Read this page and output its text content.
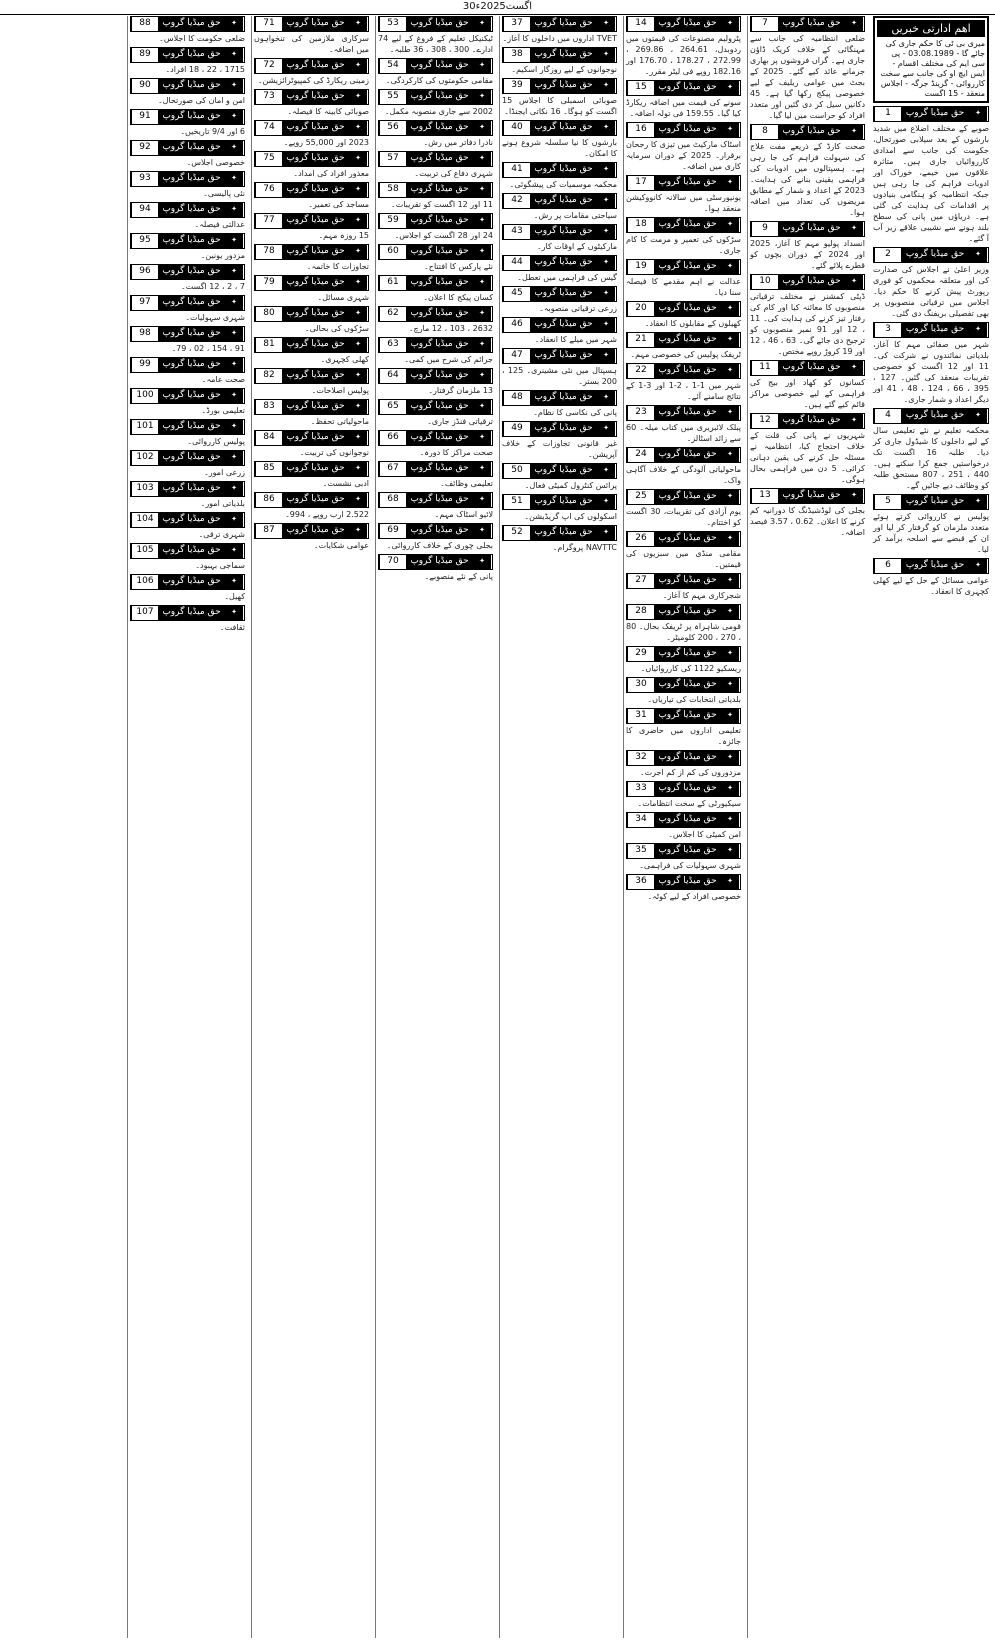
30اگست2025ء
اهم ادارتی خبریں
میری بی ٹی کا حکم جاری کی جائے گا - 03.08.1989 - پی سی ایم کی مختلف اقسام - ایس ایچ او کی جانب سے سخت کارروائی - گرینڈ جرگہ - اجلاس منعقد - 15 اگست
✦
حق میڈیا گروپ
1
صوبے کے مختلف اضلاع میں شدید بارشوں کے بعد سیلابی صورتحال، حکومت کی جانب سے امدادی کارروائیاں جاری ہیں۔ متاثرہ علاقوں میں خیمے، خوراک اور ادویات فراہم کی جا رہی ہیں جبکہ انتظامیہ کو ہنگامی بنیادوں پر اقدامات کی ہدایت کی گئی ہے۔ دریاؤں میں پانی کی سطح بلند ہونے سے نشیبی علاقے زیر آب آ گئے۔
✦
حق میڈیا گروپ
2
وزیر اعلیٰ نے اجلاس کی صدارت کی اور متعلقہ محکموں کو فوری رپورٹ پیش کرنے کا حکم دیا۔ اجلاس میں ترقیاتی منصوبوں پر بھی تفصیلی بریفنگ دی گئی۔
✦
حق میڈیا گروپ
3
شہر میں صفائی مہم کا آغاز، بلدیاتی نمائندوں نے شرکت کی۔ 11 اور 12 اگست کو خصوصی تقریبات منعقد کی گئیں۔ 127 ، 395 ، 66 ، 124 ، 48 ، 41 اور دیگر اعداد و شمار جاری۔
✦
حق میڈیا گروپ
4
محکمہ تعلیم نے نئے تعلیمی سال کے لیے داخلوں کا شیڈول جاری کر دیا۔ طلبہ 16 اگست تک درخواستیں جمع کرا سکتے ہیں۔ 440 ، 251 ، 807 مستحق طلبہ کو وظائف دیے جائیں گے۔
✦
حق میڈیا گروپ
5
پولیس نے کارروائی کرتے ہوئے متعدد ملزمان کو گرفتار کر لیا اور ان کے قبضے سے اسلحہ برآمد کر لیا۔
✦
حق میڈیا گروپ
6
عوامی مسائل کے حل کے لیے کھلی کچہری کا انعقاد۔
✦
حق میڈیا گروپ
7
ضلعی انتظامیہ کی جانب سے مہنگائی کے خلاف کریک ڈاؤن جاری ہے۔ گراں فروشوں پر بھاری جرمانے عائد کیے گئے۔ 2025 کے بجٹ میں عوامی ریلیف کے لیے خصوصی پیکج رکھا گیا ہے۔ 45 دکانیں سیل کر دی گئیں اور متعدد افراد کو حراست میں لیا گیا۔
✦
حق میڈیا گروپ
8
صحت کارڈ کے ذریعے مفت علاج کی سہولت فراہم کی جا رہی ہے۔ ہسپتالوں میں ادویات کی فراہمی یقینی بنانے کی ہدایت۔ 2023 کے اعداد و شمار کے مطابق مریضوں کی تعداد میں اضافہ ہوا۔
✦
حق میڈیا گروپ
9
انسداد پولیو مہم کا آغاز، 2025 اور 2024 کے دوران بچوں کو قطرے پلائے گئے۔
✦
حق میڈیا گروپ
10
ڈپٹی کمشنر نے مختلف ترقیاتی منصوبوں کا معائنہ کیا اور کام کی رفتار تیز کرنے کی ہدایت کی۔ 11 ، 12 اور 91 نمبر منصوبوں کو ترجیح دی جائے گی۔ 63 ، 46 ، 12 اور 19 کروڑ روپے مختص۔
✦
حق میڈیا گروپ
11
کسانوں کو کھاد اور بیج کی فراہمی کے لیے خصوصی مراکز قائم کیے گئے ہیں۔
✦
حق میڈیا گروپ
12
شہریوں نے پانی کی قلت کے خلاف احتجاج کیا، انتظامیہ نے مسئلہ حل کرنے کی یقین دہانی کرائی۔ 5 دن میں فراہمی بحال ہوگی۔
✦
حق میڈیا گروپ
13
بجلی کی لوڈشیڈنگ کا دورانیہ کم کرنے کا اعلان۔ 0.62 ، 3.57 فیصد اضافہ۔
✦
حق میڈیا گروپ
14
پٹرولیم مصنوعات کی قیمتوں میں ردوبدل، 264.61 ، 269.86 ، 272.99 ، 178.27 ، 176.70 اور 182.16 روپے فی لیٹر مقرر۔
✦
حق میڈیا گروپ
15
سونے کی قیمت میں اضافہ ریکارڈ کیا گیا۔ 159.55 فی تولہ اضافہ۔
✦
حق میڈیا گروپ
16
اسٹاک مارکیٹ میں تیزی کا رجحان برقرار۔ 2025 کے دوران سرمایہ کاری میں اضافہ۔
✦
حق میڈیا گروپ
17
یونیورسٹی میں سالانہ کانووکیشن منعقد ہوا۔
✦
حق میڈیا گروپ
18
سڑکوں کی تعمیر و مرمت کا کام جاری۔
✦
حق میڈیا گروپ
19
عدالت نے اہم مقدمے کا فیصلہ سنا دیا۔
✦
حق میڈیا گروپ
20
کھیلوں کے مقابلوں کا انعقاد۔
✦
حق میڈیا گروپ
21
ٹریفک پولیس کی خصوصی مہم۔
✦
حق میڈیا گروپ
22
شہر میں 1-1 ، 2-1 اور 3-1 کے نتائج سامنے آئے۔
✦
حق میڈیا گروپ
23
پبلک لائبریری میں کتاب میلہ۔ 60 سے زائد اسٹالز۔
✦
حق میڈیا گروپ
24
ماحولیاتی آلودگی کے خلاف آگاہی واک۔
✦
حق میڈیا گروپ
25
یوم آزادی کی تقریبات، 30 اگست کو اختتام۔
✦
حق میڈیا گروپ
26
مقامی منڈی میں سبزیوں کی قیمتیں۔
✦
حق میڈیا گروپ
27
شجرکاری مہم کا آغاز۔
✦
حق میڈیا گروپ
28
قومی شاہراہ پر ٹریفک بحال۔ 80 ، 270 ، 200 کلومیٹر۔
✦
حق میڈیا گروپ
29
ریسکیو 1122 کی کارروائیاں۔
✦
حق میڈیا گروپ
30
بلدیاتی انتخابات کی تیاریاں۔
✦
حق میڈیا گروپ
31
تعلیمی اداروں میں حاضری کا جائزہ۔
✦
حق میڈیا گروپ
32
مزدوروں کی کم از کم اجرت۔
✦
حق میڈیا گروپ
33
سیکیورٹی کے سخت انتظامات۔
✦
حق میڈیا گروپ
34
امن کمیٹی کا اجلاس۔
✦
حق میڈیا گروپ
35
شہری سہولیات کی فراہمی۔
✦
حق میڈیا گروپ
36
خصوصی افراد کے لیے کوٹہ۔
✦
حق میڈیا گروپ
37
TVET اداروں میں داخلوں کا آغاز۔
✦
حق میڈیا گروپ
38
نوجوانوں کے لیے روزگار اسکیم۔
✦
حق میڈیا گروپ
39
صوبائی اسمبلی کا اجلاس 15 اگست کو ہوگا۔ 16 نکاتی ایجنڈا۔
✦
حق میڈیا گروپ
40
بارشوں کا نیا سلسلہ شروع ہونے کا امکان۔
✦
حق میڈیا گروپ
41
محکمہ موسمیات کی پیشگوئی۔
✦
حق میڈیا گروپ
42
سیاحتی مقامات پر رش۔
✦
حق میڈیا گروپ
43
مارکیٹوں کے اوقات کار۔
✦
حق میڈیا گروپ
44
گیس کی فراہمی میں تعطل۔
✦
حق میڈیا گروپ
45
زرعی ترقیاتی منصوبہ۔
✦
حق میڈیا گروپ
46
شہر میں میلے کا انعقاد۔
✦
حق میڈیا گروپ
47
ہسپتال میں نئی مشینری۔ 125 ، 200 بستر۔
✦
حق میڈیا گروپ
48
پانی کی نکاسی کا نظام۔
✦
حق میڈیا گروپ
49
غیر قانونی تجاوزات کے خلاف آپریشن۔
✦
حق میڈیا گروپ
50
پرائس کنٹرول کمیٹی فعال۔
✦
حق میڈیا گروپ
51
اسکولوں کی اپ گریڈیشن۔
✦
حق میڈیا گروپ
52
NAVTTC پروگرام۔
✦
حق میڈیا گروپ
53
ٹیکنیکل تعلیم کے فروغ کے لیے 74 ادارے۔ 300 ، 308 ، 36 طلبہ۔
✦
حق میڈیا گروپ
54
مقامی حکومتوں کی کارکردگی۔
✦
حق میڈیا گروپ
55
2002 سے جاری منصوبہ مکمل۔
✦
حق میڈیا گروپ
56
نادرا دفاتر میں رش۔
✦
حق میڈیا گروپ
57
شہری دفاع کی تربیت۔
✦
حق میڈیا گروپ
58
11 اور 12 اگست کو تقریبات۔
✦
حق میڈیا گروپ
59
24 اور 28 اگست کو اجلاس۔
✦
حق میڈیا گروپ
60
نئے پارکس کا افتتاح۔
✦
حق میڈیا گروپ
61
کسان پیکج کا اعلان۔
✦
حق میڈیا گروپ
62
2632 ، 103 ، 12 مارچ۔
✦
حق میڈیا گروپ
63
جرائم کی شرح میں کمی۔
✦
حق میڈیا گروپ
64
13 ملزمان گرفتار۔
✦
حق میڈیا گروپ
65
ترقیاتی فنڈز جاری۔
✦
حق میڈیا گروپ
66
صحت مراکز کا دورہ۔
✦
حق میڈیا گروپ
67
تعلیمی وظائف۔
✦
حق میڈیا گروپ
68
لائیو اسٹاک مہم۔
✦
حق میڈیا گروپ
69
بجلی چوری کے خلاف کارروائی۔
✦
حق میڈیا گروپ
70
پانی کے نئے منصوبے۔
✦
حق میڈیا گروپ
71
سرکاری ملازمین کی تنخواہوں میں اضافہ۔
✦
حق میڈیا گروپ
72
زمینی ریکارڈ کی کمپیوٹرائزیشن۔
✦
حق میڈیا گروپ
73
صوبائی کابینہ کا فیصلہ۔
✦
حق میڈیا گروپ
74
2023 اور 55,000 روپے۔
✦
حق میڈیا گروپ
75
معذور افراد کی امداد۔
✦
حق میڈیا گروپ
76
مساجد کی تعمیر۔
✦
حق میڈیا گروپ
77
15 روزہ مہم۔
✦
حق میڈیا گروپ
78
تجاوزات کا خاتمہ۔
✦
حق میڈیا گروپ
79
شہری مسائل۔
✦
حق میڈیا گروپ
80
سڑکوں کی بحالی۔
✦
حق میڈیا گروپ
81
کھلی کچہری۔
✦
حق میڈیا گروپ
82
پولیس اصلاحات۔
✦
حق میڈیا گروپ
83
ماحولیاتی تحفظ۔
✦
حق میڈیا گروپ
84
نوجوانوں کی تربیت۔
✦
حق میڈیا گروپ
85
ادبی نشست۔
✦
حق میڈیا گروپ
86
2.522 ارب روپے ، 994۔
✦
حق میڈیا گروپ
87
عوامی شکایات۔
✦
حق میڈیا گروپ
88
ضلعی حکومت کا اجلاس۔
✦
حق میڈیا گروپ
89
1715 ، 22 ، 18 افراد۔
✦
حق میڈیا گروپ
90
امن و امان کی صورتحال۔
✦
حق میڈیا گروپ
91
6 اور 9/4 تاریخیں۔
✦
حق میڈیا گروپ
92
خصوصی اجلاس۔
✦
حق میڈیا گروپ
93
نئی پالیسی۔
✦
حق میڈیا گروپ
94
عدالتی فیصلہ۔
✦
حق میڈیا گروپ
95
مزدور یونین۔
✦
حق میڈیا گروپ
96
7 ، 2 ، 12 اگست۔
✦
حق میڈیا گروپ
97
شہری سہولیات۔
✦
حق میڈیا گروپ
98
91 ، 154 ، 02 ، 79۔
✦
حق میڈیا گروپ
99
صحت عامہ۔
✦
حق میڈیا گروپ
100
تعلیمی بورڈ۔
✦
حق میڈیا گروپ
101
پولیس کارروائی۔
✦
حق میڈیا گروپ
102
زرعی امور۔
✦
حق میڈیا گروپ
103
بلدیاتی امور۔
✦
حق میڈیا گروپ
104
شہری ترقی۔
✦
حق میڈیا گروپ
105
سماجی بہبود۔
✦
حق میڈیا گروپ
106
کھیل۔
✦
حق میڈیا گروپ
107
ثقافت۔
